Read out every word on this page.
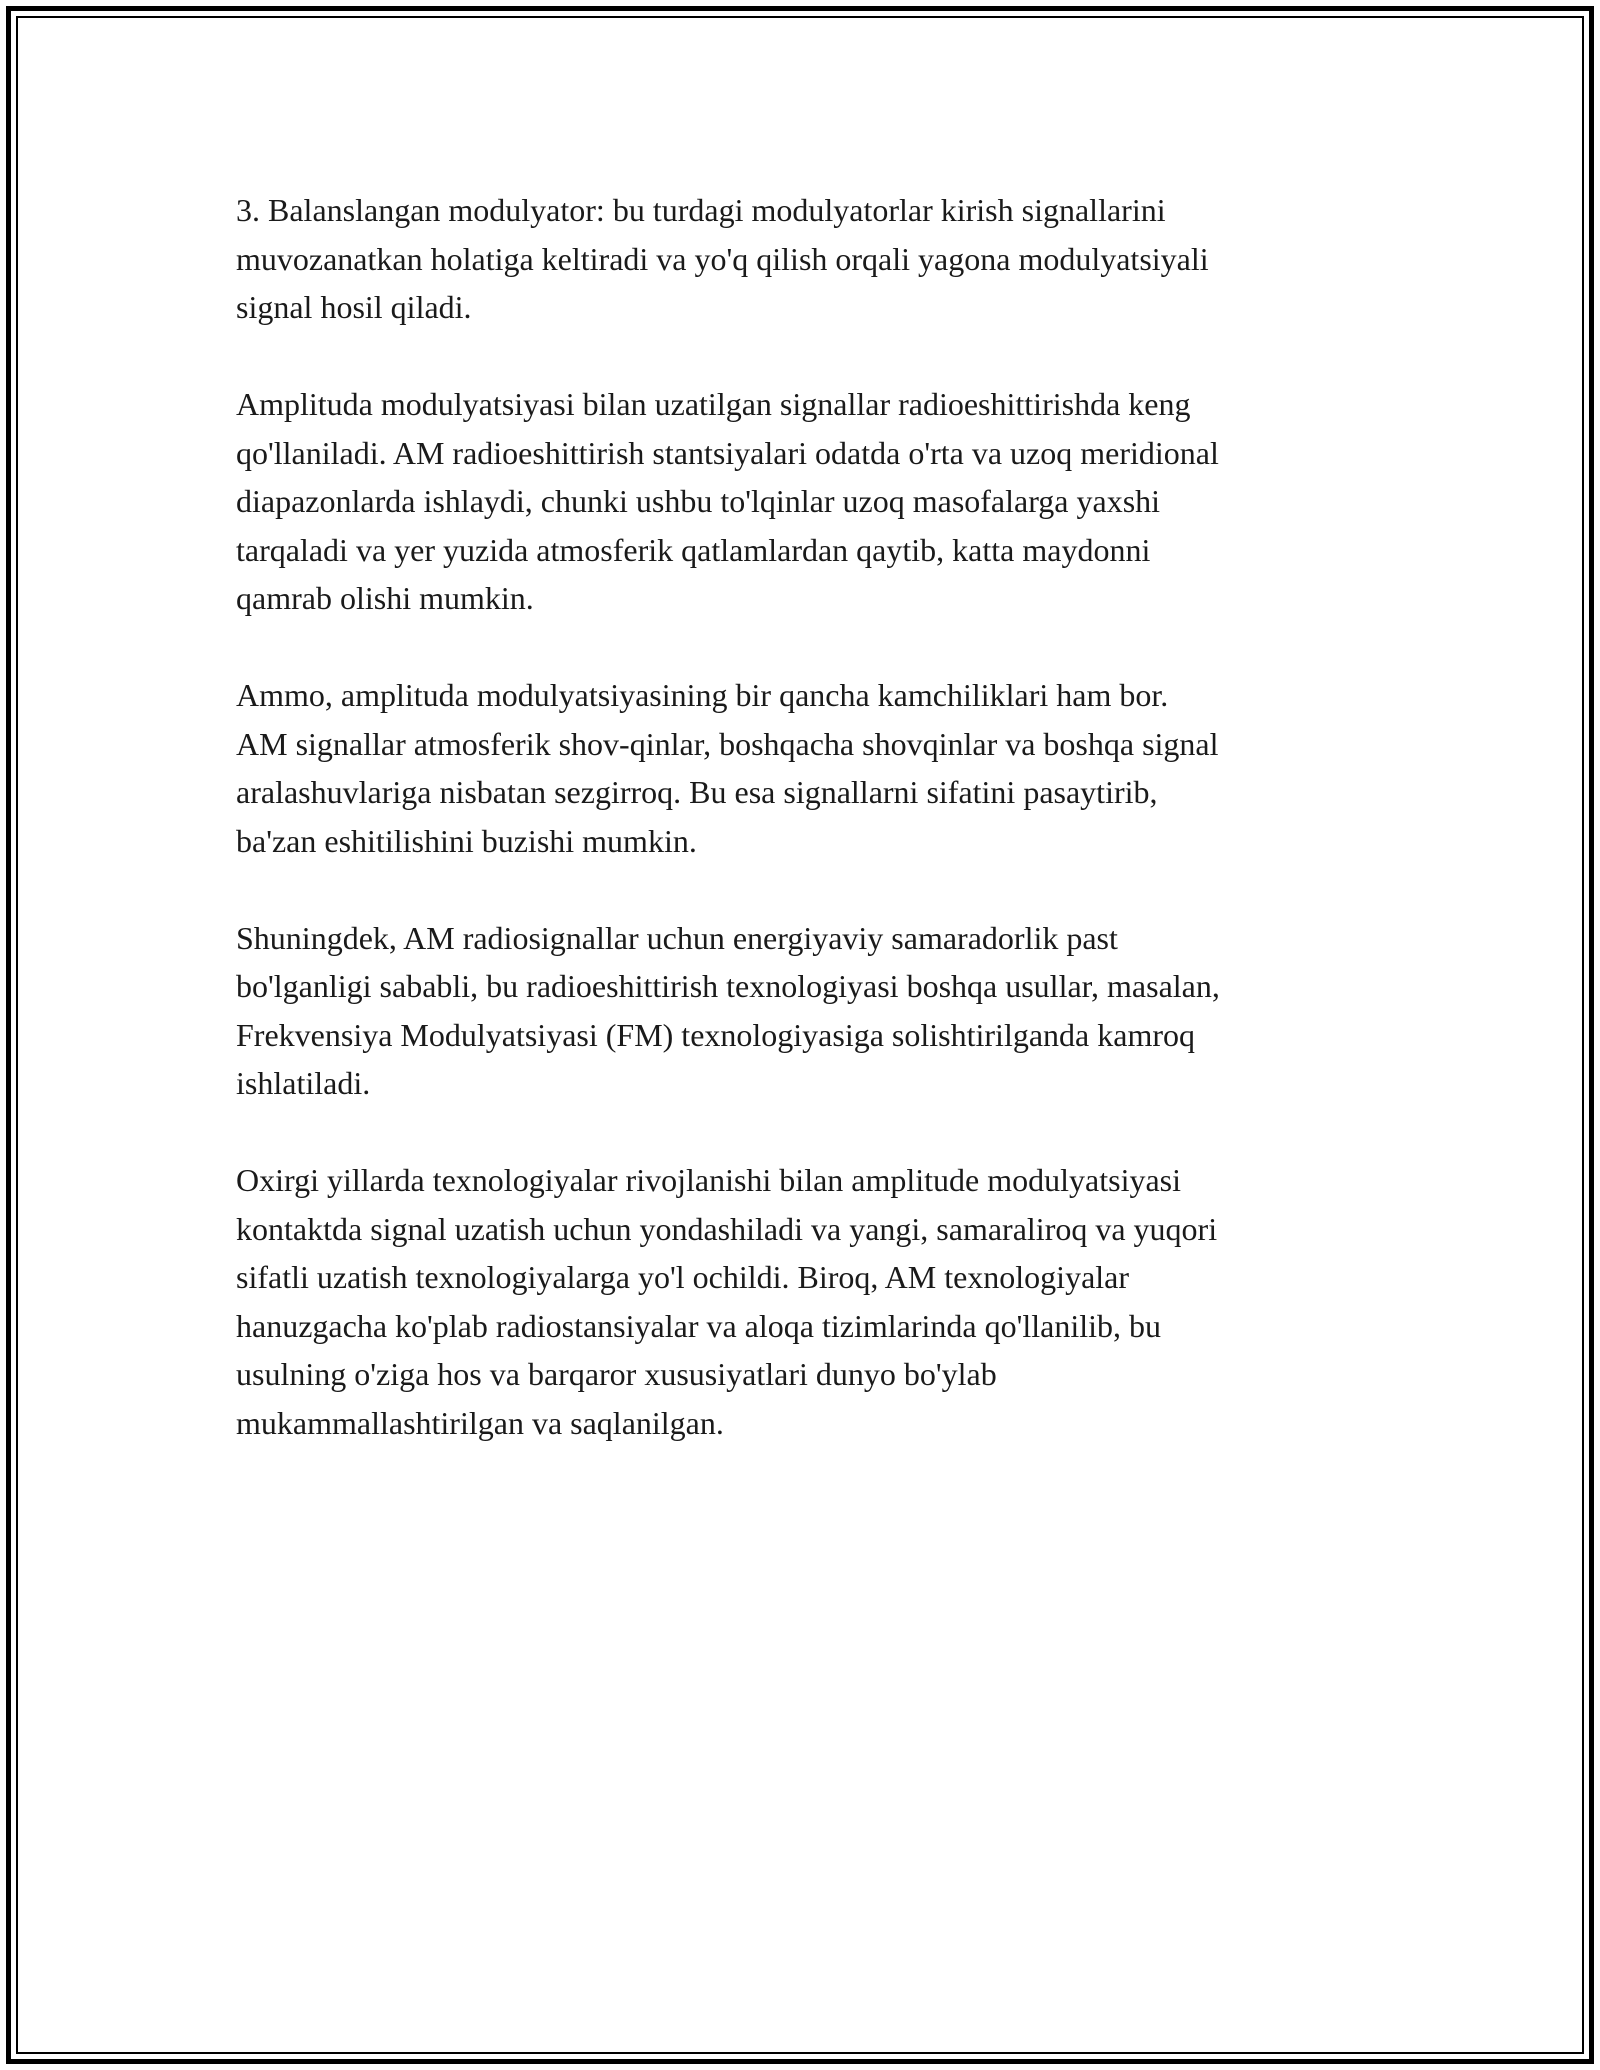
3. Balanslangan modulyator: bu turdagi modulyatorlar kirish signallarini
muvozanatkan holatiga keltiradi va yo'q qilish orqali yagona modulyatsiyali
signal hosil qiladi.

Amplituda modulyatsiyasi bilan uzatilgan signallar radioeshittirishda keng
qo'llaniladi. AM radioeshittirish stantsiyalari odatda o'rta va uzoq meridional
diapazonlarda ishlaydi, chunki ushbu to'lqinlar uzoq masofalarga yaxshi
tarqaladi va yer yuzida atmosferik qatlamlardan qaytib, katta maydonni
qamrab olishi mumkin.

Ammo, amplituda modulyatsiyasining bir qancha kamchiliklari ham bor.
AM signallar atmosferik shov-qinlar, boshqacha shovqinlar va boshqa signal
aralashuvlariga nisbatan sezgirroq. Bu esa signallarni sifatini pasaytirib,
ba'zan eshitilishini buzishi mumkin.

Shuningdek, AM radiosignallar uchun energiyaviy samaradorlik past
bo'lganligi sababli, bu radioeshittirish texnologiyasi boshqa usullar, masalan,
Frekvensiya Modulyatsiyasi (FM) texnologiyasiga solishtirilganda kamroq
ishlatiladi.

Oxirgi yillarda texnologiyalar rivojlanishi bilan amplitude modulyatsiyasi
kontaktda signal uzatish uchun yondashiladi va yangi, samaraliroq va yuqori
sifatli uzatish texnologiyalarga yo'l ochildi. Biroq, AM texnologiyalar
hanuzgacha ko'plab radiostansiyalar va aloqa tizimlarinda qo'llanilib, bu
usulning o'ziga hos va barqaror xususiyatlari dunyo bo'ylab
mukammallashtirilgan va saqlanilgan.
